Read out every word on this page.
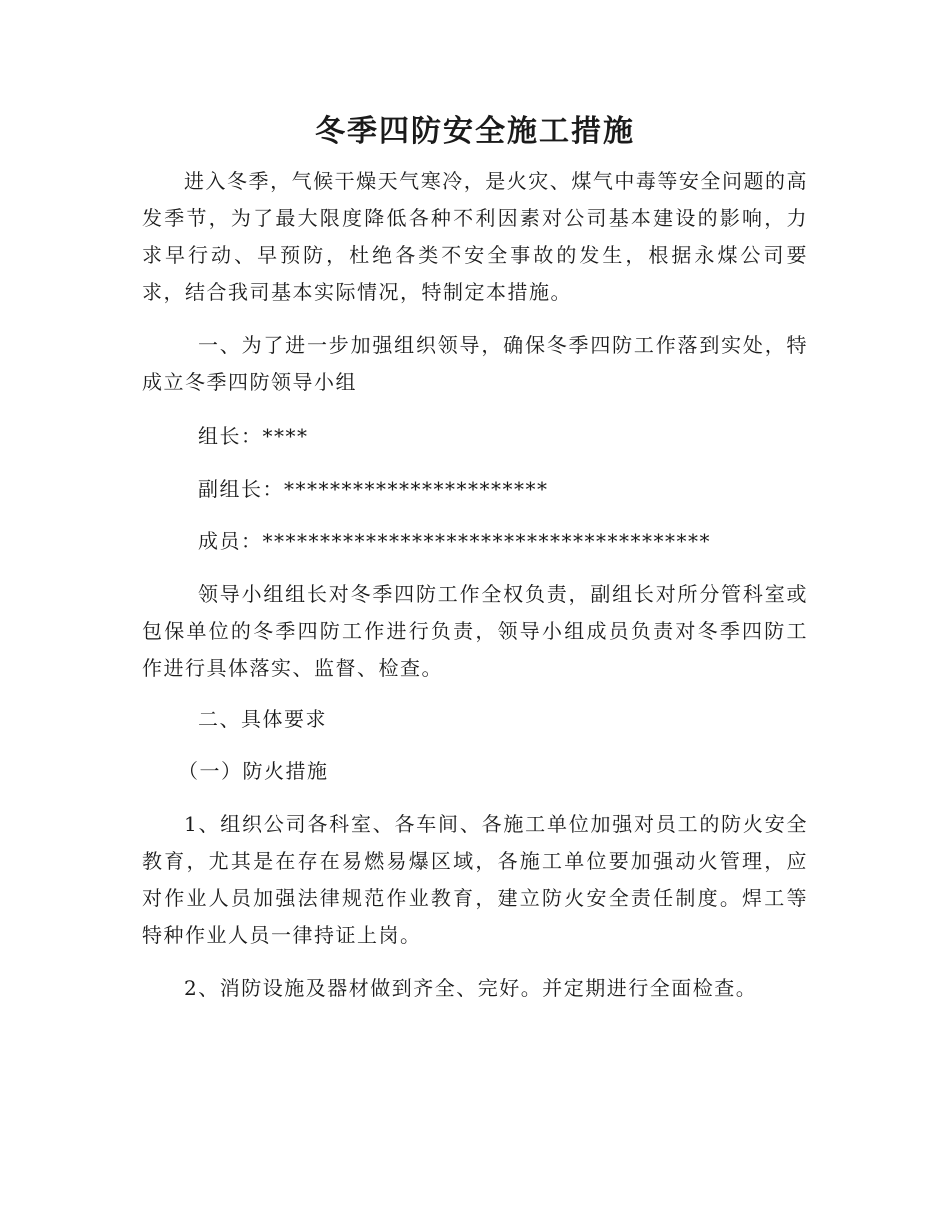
冬季四防安全施工措施

进入冬季，气候干燥天气寒冷，是火灾、煤气中毒等安全问题的高发季节，为了最大限度降低各种不利因素对公司基本建设的影响，力求早行动、早预防，杜绝各类不安全事故的发生，根据永煤公司要求，结合我司基本实际情况，特制定本措施。

一、为了进一步加强组织领导，确保冬季四防工作落到实处，特成立冬季四防领导小组

组长：****
副组长：***********************
成员：***************************************

领导小组组长对冬季四防工作全权负责，副组长对所分管科室或包保单位的冬季四防工作进行负责，领导小组成员负责对冬季四防工作进行具体落实、监督、检查。

二、具体要求
（一）防火措施

1、组织公司各科室、各车间、各施工单位加强对员工的防火安全教育，尤其是在存在易燃易爆区域，各施工单位要加强动火管理，应对作业人员加强法律规范作业教育，建立防火安全责任制度。焊工等特种作业人员一律持证上岗。

2、消防设施及器材做到齐全、完好。并定期进行全面检查。
